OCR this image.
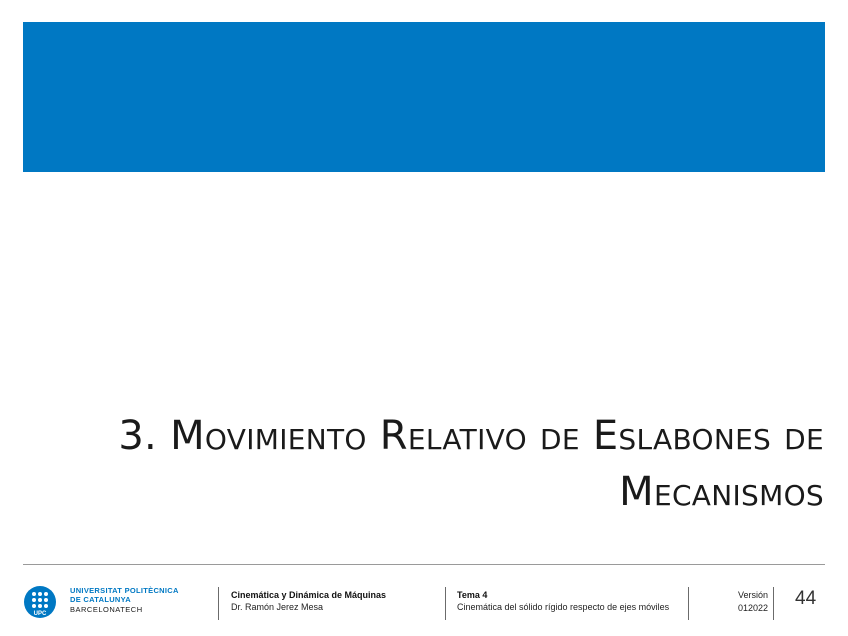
3. Movimiento Relativo de Eslabones de
Mecanismos
UPC
UNIVERSITAT POLITÈCNICA
DE CATALUNYA
BARCELONATECH
Cinemática y Dinámica de Máquinas
Dr. Ramón Jerez Mesa
Tema 4
Cinemática del sólido rígido respecto de ejes móviles
Versión
012022 44
